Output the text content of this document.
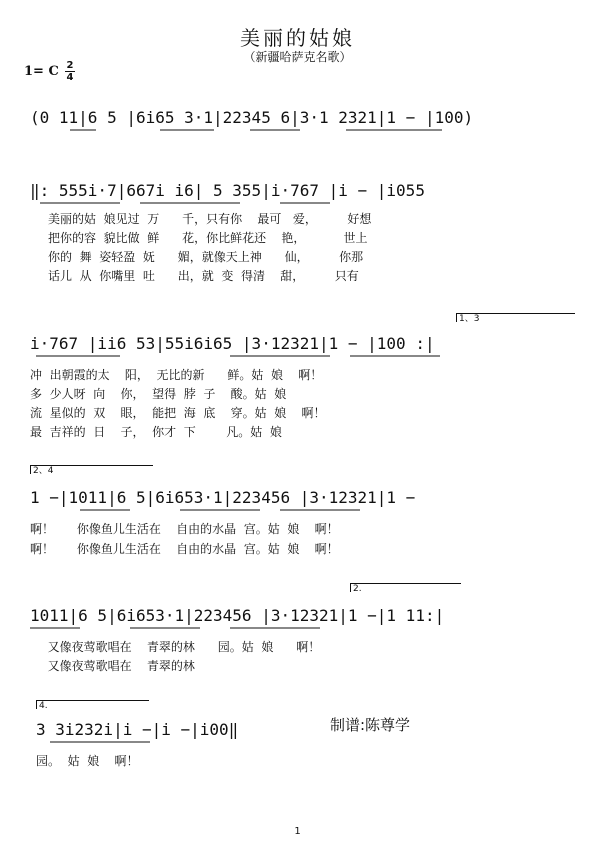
美丽的姑娘
（新疆哈萨克名歌）
1= C 2
4
(0 11|6 5 |6i65 3·1|22345 6|3·1 2321|1 − |100)
‖: 555i·7|667i i6| 5 355|i·767 |i − |i055
美丽的姑  娘见过  万      千，只有你    最可   爱，        好想
把你的容  貌比做  鲜      花，你比鲜花还    艳，          世上
你的  舞  姿轻盈  妩      媚，就像天上神      仙，        你那
话儿  从  你嘴里  吐      出，就  变  得清    甜，        只有
1、3
i·767 |ii6 53|55i6i65 |3·12321|1 − |100 :|
冲  出朝霞的太    阳，  无比的新      鲜。姑  娘    啊！
多  少人呀  向    你，  望得  脖  子    酸。姑  娘
流  星似的  双    眼，  能把  海  底    穿。姑  娘    啊！
最  吉祥的  日    子，  你才  下        凡。姑  娘
2、4
1 −|1011|6 5|6i653·1|223456 |3·12321|1 −
啊！      你像鱼儿生活在    自由的水晶  宫。姑  娘    啊！
啊！      你像鱼儿生活在    自由的水晶  宫。姑  娘    啊！
2.
1011|6 5|6i653·1|223456 |3·12321|1 −|1 11:|
又像夜莺歌唱在    青翠的林      园。姑  娘      啊！
又像夜莺歌唱在    青翠的林
4.
3 3i232i|i −|i −|i00‖
园。  姑  娘    啊！
制谱:陈尊学
1
